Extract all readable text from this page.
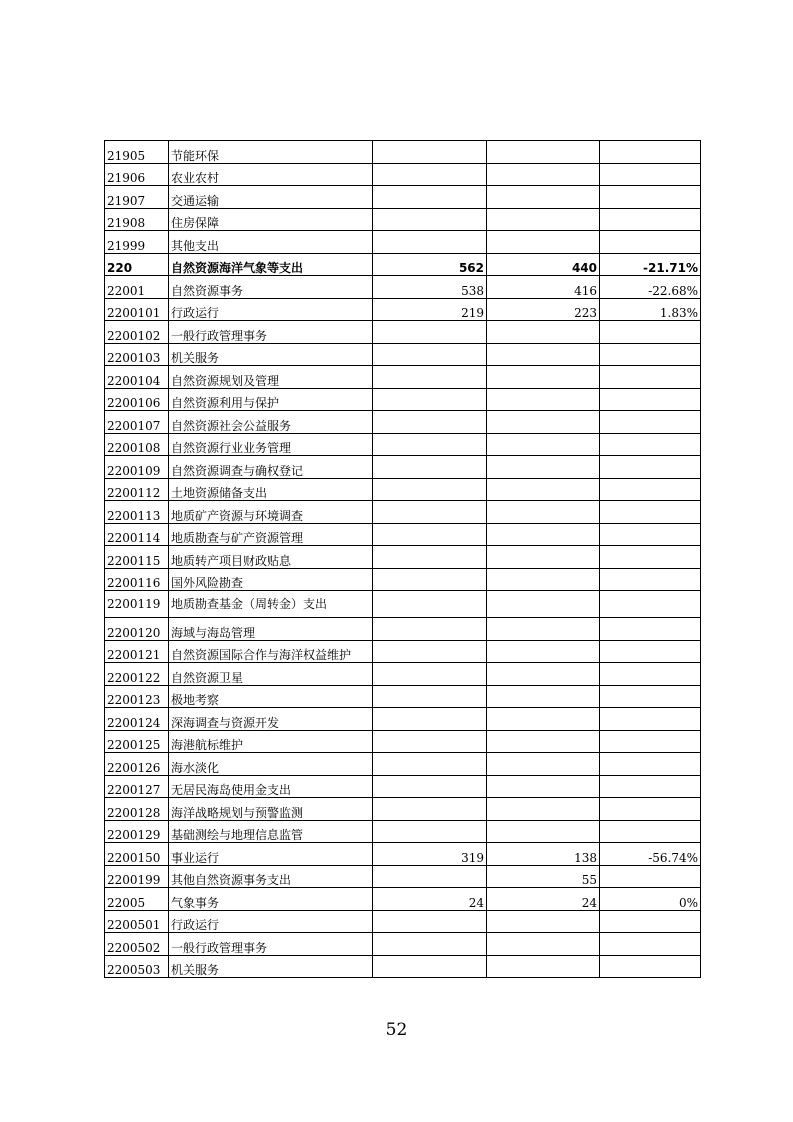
21905	节能环保			
21906	农业农村			
21907	交通运输			
21908	住房保障			
21999	其他支出			
220	自然资源海洋气象等支出	562	440	-21.71%
22001	自然资源事务	538	416	-22.68%
2200101	行政运行	219	223	1.83%
2200102	一般行政管理事务			
2200103	机关服务			
2200104	自然资源规划及管理			
2200106	自然资源利用与保护			
2200107	自然资源社会公益服务			
2200108	自然资源行业业务管理			
2200109	自然资源调查与确权登记			
2200112	土地资源储备支出			
2200113	地质矿产资源与环境调查			
2200114	地质勘查与矿产资源管理			
2200115	地质转产项目财政贴息			
2200116	国外风险勘查			
2200119	地质勘查基金（周转金）支出			
2200120	海域与海岛管理			
2200121	自然资源国际合作与海洋权益维护			
2200122	自然资源卫星			
2200123	极地考察			
2200124	深海调查与资源开发			
2200125	海港航标维护			
2200126	海水淡化			
2200127	无居民海岛使用金支出			
2200128	海洋战略规划与预警监测			
2200129	基础测绘与地理信息监管			
2200150	事业运行	319	138	-56.74%
2200199	其他自然资源事务支出		55	
22005	气象事务	24	24	0%
2200501	行政运行			
2200502	一般行政管理事务			
2200503	机关服务			
52
